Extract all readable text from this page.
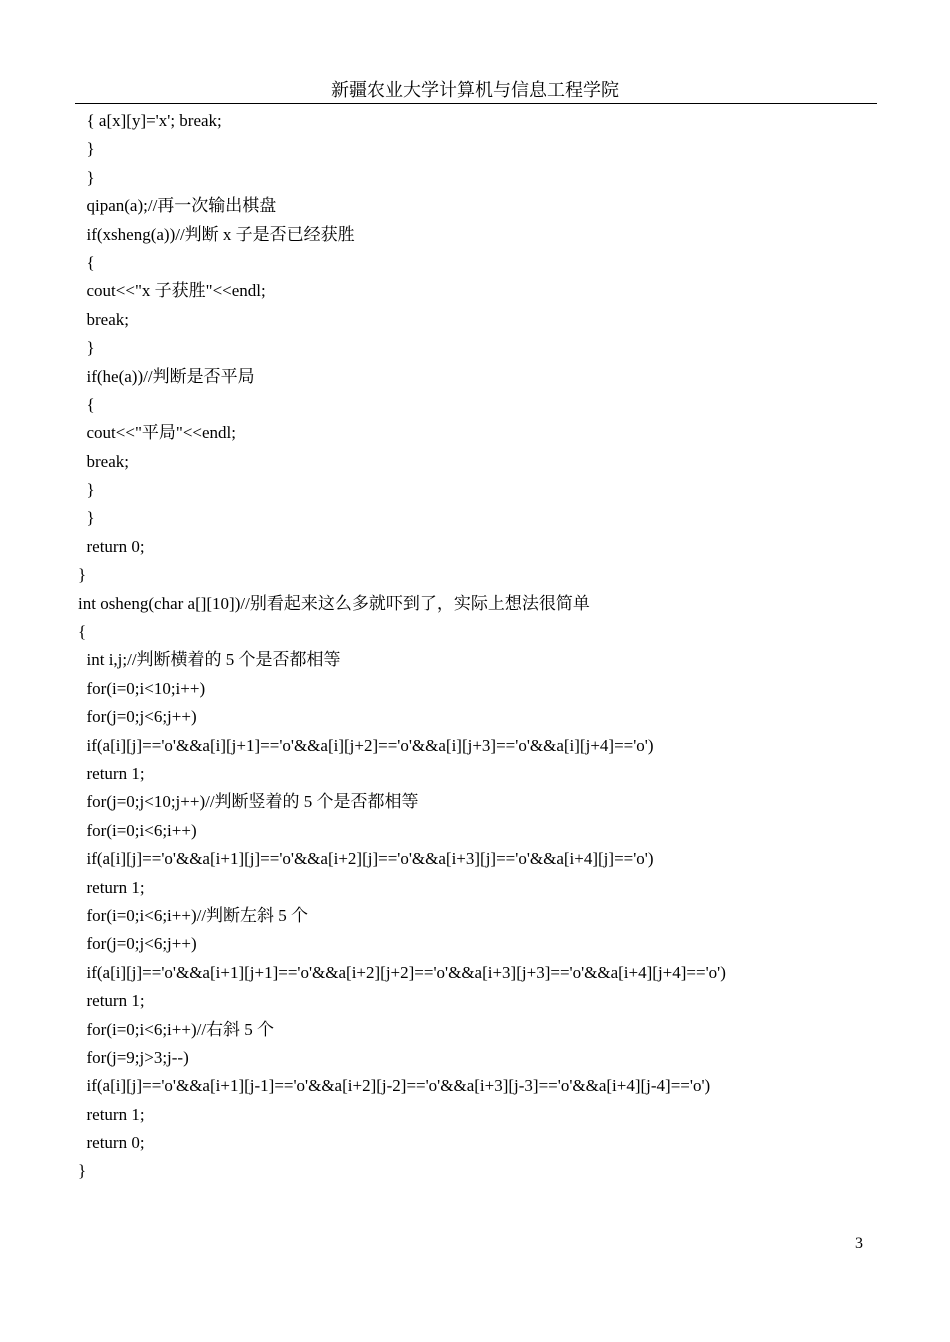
新疆农业大学计算机与信息工程学院
{ a[x][y]='x'; break;
}
}
qipan(a);//再一次输出棋盘
if(xsheng(a))//判断 x 子是否已经获胜
{
cout<<"x 子获胜"<<endl;
break;
}
if(he(a))//判断是否平局
{
cout<<"平局"<<endl;
break;
}
}
return 0;
}
int osheng(char a[][10])//别看起来这么多就吓到了，实际上想法很简单
{
int i,j;//判断横着的 5 个是否都相等
for(i=0;i<10;i++)
for(j=0;j<6;j++)
if(a[i][j]=='o'&&a[i][j+1]=='o'&&a[i][j+2]=='o'&&a[i][j+3]=='o'&&a[i][j+4]=='o')
return 1;
for(j=0;j<10;j++)//判断竖着的 5 个是否都相等
for(i=0;i<6;i++)
if(a[i][j]=='o'&&a[i+1][j]=='o'&&a[i+2][j]=='o'&&a[i+3][j]=='o'&&a[i+4][j]=='o')
return 1;
for(i=0;i<6;i++)//判断左斜 5 个
for(j=0;j<6;j++)
if(a[i][j]=='o'&&a[i+1][j+1]=='o'&&a[i+2][j+2]=='o'&&a[i+3][j+3]=='o'&&a[i+4][j+4]=='o')
return 1;
for(i=0;i<6;i++)//右斜 5 个
for(j=9;j>3;j--)
if(a[i][j]=='o'&&a[i+1][j-1]=='o'&&a[i+2][j-2]=='o'&&a[i+3][j-3]=='o'&&a[i+4][j-4]=='o')
return 1;
return 0;
}
3
